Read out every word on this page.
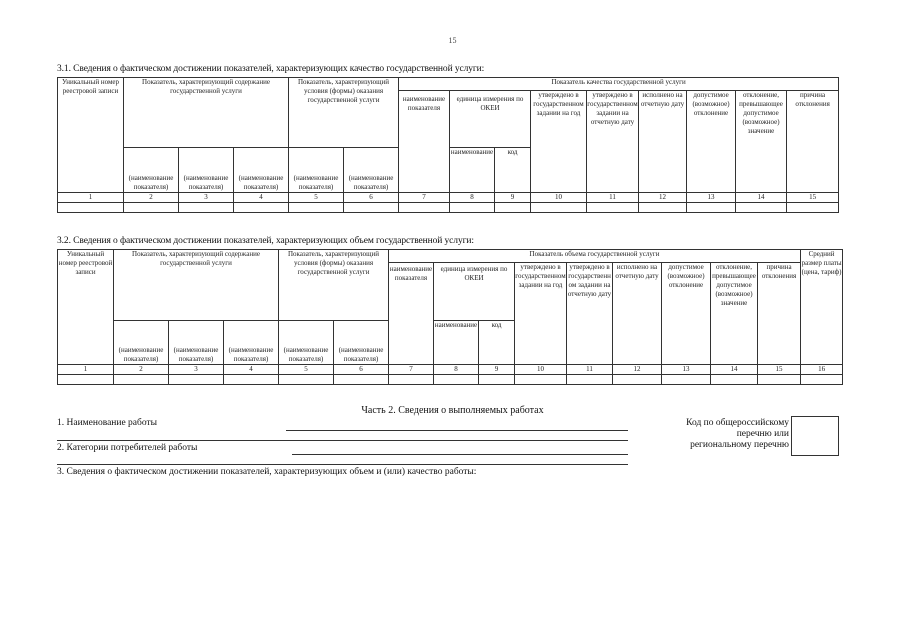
15
3.1. Сведения о фактическом достижении показателей, характеризующих качество государственной услуги:
Уникальный номер реестровой записи	Показатель, характеризующий содержание государственной услуги			Показатель, характеризующий условия (формы) оказания государственной услуги		Показатель качества государственной услуги								
						наименование показателя	единица измерения по ОКЕИ		утверждено в государственном задании на год	утверждено в государственном задании на отчетную дату	исполнено на отчетную дату	допустимое (возможное) отклонение	отклонение, превышающее допустимое (возможное) значение	причина отклонения
	(наименование показателя)	(наименование показателя)	(наименование показателя)	(наименование показателя)	(наименование показателя)		наименование	код						
1	2	3	4	5	6	7	8	9	10	11	12	13	14	15

3.2. Сведения о фактическом достижении показателей, характеризующих объем государственной услуги:
Уникальный номер реестровой записи	Показатель, характеризующий содержание государственной услуги			Показатель, характеризующий условия (формы) оказания государственной услуги		Показатель объема государственной услуги									Средний размер платы (цена, тариф)
						наименование показателя	единица измерения по ОКЕИ		утверждено в государственном задании на год	утверждено в государственном задании на отчетную дату	исполнено на отчетную дату	допустимое (возможное) отклонение	отклонение, превышающее допустимое (возможное) значение	причина отклонения	
	(наименование показателя)	(наименование показателя)	(наименование показателя)	(наименование показателя)	(наименование показателя)		наименование	код							
1	2	3	4	5	6	7	8	9	10	11	12	13	14	15	16

Часть 2. Сведения о выполняемых работах
1. Наименование работы
2. Категории потребителей работы
Код по общероссийскому
перечню или
региональному перечню
3. Сведения о фактическом достижении показателей, характеризующих объем и (или) качество работы:
